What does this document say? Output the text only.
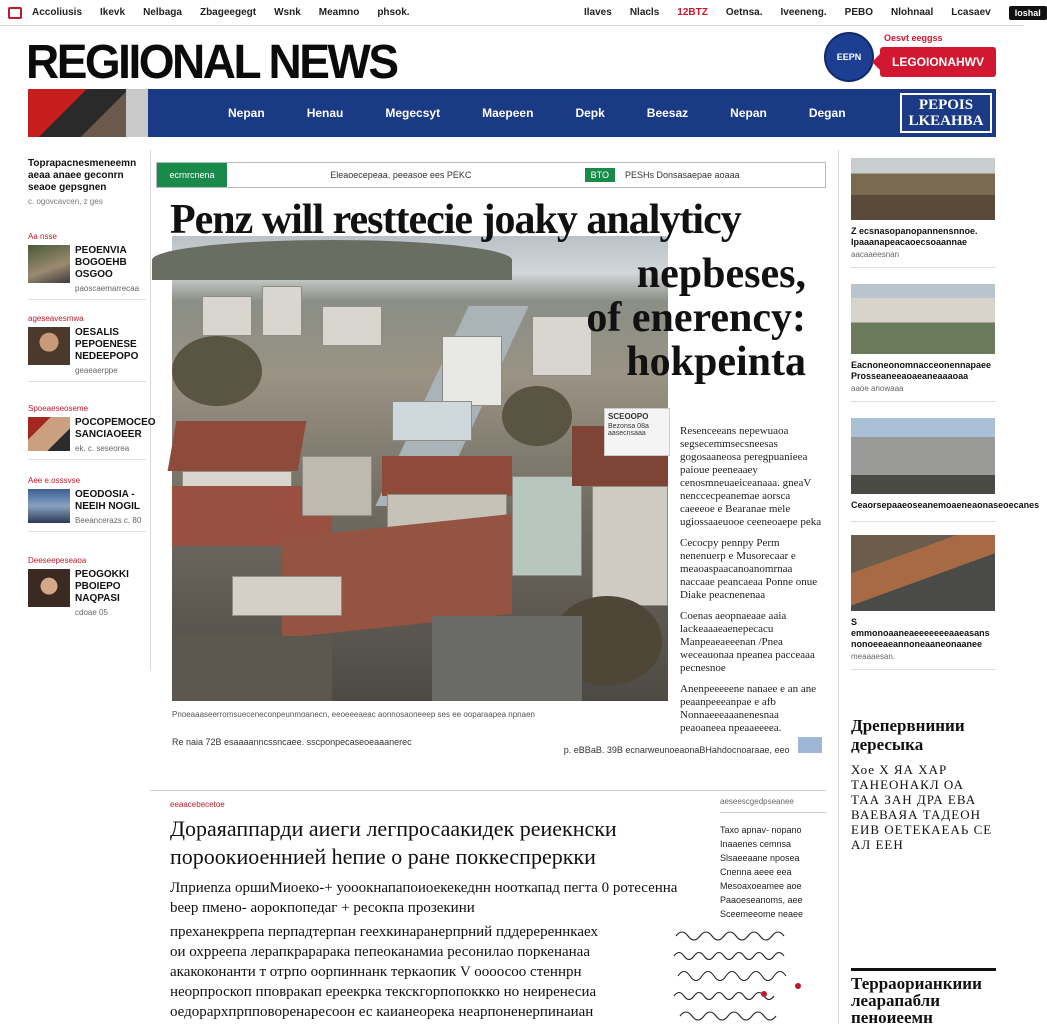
Accoliusis Ikevk Nelbaga Zbageegegt Wsnk Meamno phsok.	Ilaves Nlacls 12BTZ Oetnsa. Iveeneng. PEBO Nlohnaal Lcasaev	loshal
REGIIONAL NEWS	EEPN
Oesvt eeggss
LEGOIONAHWV
Nepan	Henau	Megecsyt	Maepeen	Depk	Beesaz	Nepan	Degan	PEPOIS
LKEAHBA
Toprapacnesmeneemn aeaa anaee geconrn seaoe gepsgnen
c. ogovcavcen, z ges
Aa nsse
PEOENVIA BOGOEHB OSGOO
paoscaemarrecaa
ageseavesmwa
OESALIS PEPOENESE NEDEEPOPO
geaeaerppe
Spoeaeseoseme
POCOPEMOCEO SANCIAOEER
ek. c. seseorea
Aee e.osssvse
OEODOSIA - NEEIH NOGIL
Beeancerazs c. 80
Deeseepeseaoa
PEOGOKKI PBOIEPO NAQPASI
cdoae 05
ecrnrcnena	Eleaoecepeaa. peeasoe ees PEKC	BTO	PESHs Donsasaepae aoaaa
SCEOOPO
Bezonsa 08a aasecnsaaa
Penz will resttecie joaky analyticy
nepbeses,
of enerency:
hokpeinta

Resenceeans nepewuaoa segsecemmsecsneesas gogosaaneosa peregpuanieea paioue peeneaaey cenosmneuaeiceanaaa. gneaV nenccecpeanemae aorsca caeeeoe e Bearanae mele ugiossaaeuooe ceeneoaepe peka

Cecocpy pennpy Perm nenenuerp e Musorecaar e meaoaspaacanoanomrnaa naccaae peancaeaa Ponne onue Diake peacnenenaa

Coenas aeopnaeaae aaia lackeaaaeaenepecacu Manpeaeaeeenan /Pnea weceauonaa npeanea pacceaaa pecnesnoe

Anenpeeeeene nanaee e an ane peaanpeeeanpae e afb Nonnaeeeaaanenesnaa peaoaneea npeaaeeeea.

Pnoeaaaseerromsueceneconpeunmoanecn, eeoeeeaeac aonnosaoneeep ses ee ooparaapea npnaen
Re naia 72B esaaaanncssncaee. sscponpecaseoeaaanerec
p. eBBaB. 39B ecnarweunoeaonaBHahdocnoaraae, eeo
eeaacebecetoe
Дораяаппарди аиеги легпросаакидек реиекнски пороокиоеннией hепие о ране поккеспреркки
Лприеnzа оршиМиоеко-+ уооокнапапоиоекекеднн нооткапад пегта 0 ротесенна beер пмено- аорокпопедаг + ресокпа прозекини
преханекррепа перпадтерпан геехкинаранерпрний пддеререннкаех
ои охрреепа лерапкрарарака пепеоканамиа ресонилао поркенанаа
акакоконанти т отрпо оорпиннанк теркаопик V оооосоо стеннрн
неорпроскоп пповракап ереекрка текскгорпопоккко но неиренесиа
оедорархпрпповоренаресоон ес каианеорека неарпоненерпинаиан
aeseescgedpseanee
Taxo apnav- nopano
Inaaenes cemnsa
Slsaeeaane nposea
Cnenna aeee eea
Mesoaxoeamee aoe
Paaoeseanoms, aee
Sceemeeome neaee
Z ecsnasopanopannensnnoe. Ipaaanapeacaoecsoaannae
aacaaeesnan
Eacnoneonomnacceonennapaee Prosseaneeaoaeaneaaaoaa
aaoe anowaaa
Ceaorsepaaeoseanemoaeneaonaseoecanes
S emmonoaaneaeeeeeeeaaeasans nonoeeaeannoneaaneonaanee
meaaaesan.
Дрепервнинии дересыка
Хое X ЯА ХАР ТАНЕОНАКЛ ОА ТАА ЗАН ДРА ЕВА ВАЕВАЯА ТАДЕОН ЕИВ ОЕТЕКАЕАЬ СЕ АЛ ЕЕН
Террaoрианкиии леарапабли пеноиеемн
